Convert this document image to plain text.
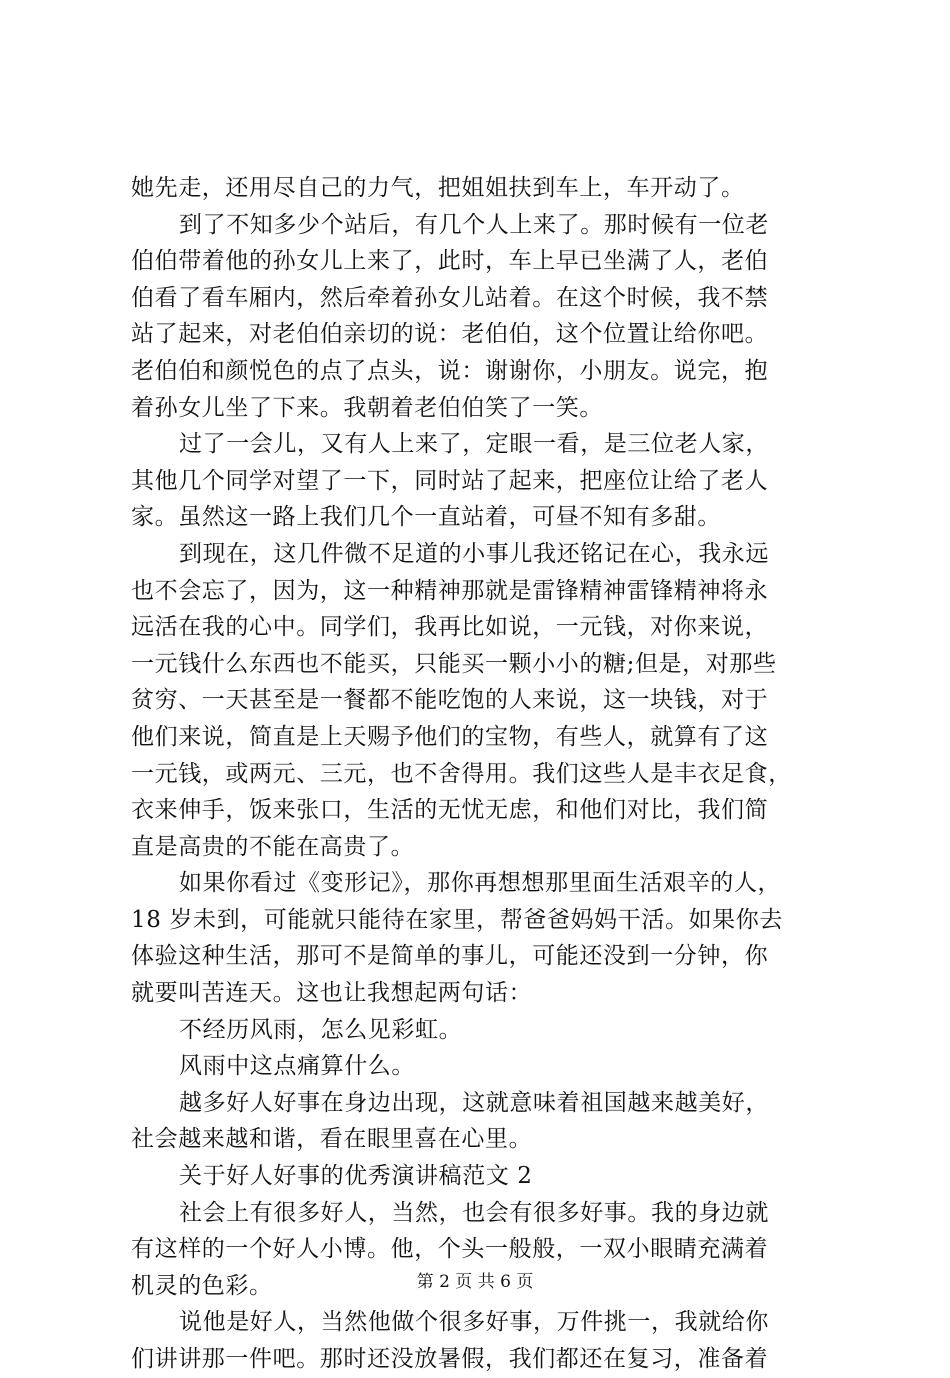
她先走，还用尽自己的力气，把姐姐扶到车上，车开动了。
到了不知多少个站后，有几个人上来了。那时候有一位老
伯伯带着他的孙女儿上来了，此时，车上早已坐满了人，老伯
伯看了看车厢内，然后牵着孙女儿站着。在这个时候，我不禁
站了起来，对老伯伯亲切的说：老伯伯，这个位置让给你吧。
老伯伯和颜悦色的点了点头，说：谢谢你，小朋友。说完，抱
着孙女儿坐了下来。我朝着老伯伯笑了一笑。
过了一会儿，又有人上来了，定眼一看，是三位老人家，
其他几个同学对望了一下，同时站了起来，把座位让给了老人
家。虽然这一路上我们几个一直站着，可昼不知有多甜。
到现在，这几件微不足道的小事儿我还铭记在心，我永远
也不会忘了，因为，这一种精神那就是雷锋精神雷锋精神将永
远活在我的心中。同学们，我再比如说，一元钱，对你来说，
一元钱什么东西也不能买，只能买一颗小小的糖;但是，对那些
贫穷、一天甚至是一餐都不能吃饱的人来说，这一块钱，对于
他们来说，简直是上天赐予他们的宝物，有些人，就算有了这
一元钱，或两元、三元，也不舍得用。我们这些人是丰衣足食，
衣来伸手，饭来张口，生活的无忧无虑，和他们对比，我们简
直是高贵的不能在高贵了。
如果你看过《变形记》，那你再想想那里面生活艰辛的人，
18 岁未到，可能就只能待在家里，帮爸爸妈妈干活。如果你去
体验这种生活，那可不是简单的事儿，可能还没到一分钟，你
就要叫苦连天。这也让我想起两句话：
不经历风雨，怎么见彩虹。
风雨中这点痛算什么。
越多好人好事在身边出现，这就意味着祖国越来越美好，
社会越来越和谐，看在眼里喜在心里。
关于好人好事的优秀演讲稿范文 2
社会上有很多好人，当然，也会有很多好事。我的身边就
有这样的一个好人小博。他，个头一般般，一双小眼睛充满着
机灵的色彩。
说他是好人，当然他做个很多好事，万件挑一，我就给你
们讲讲那一件吧。那时还没放暑假，我们都还在复习，准备着
第 2 页 共 6 页
